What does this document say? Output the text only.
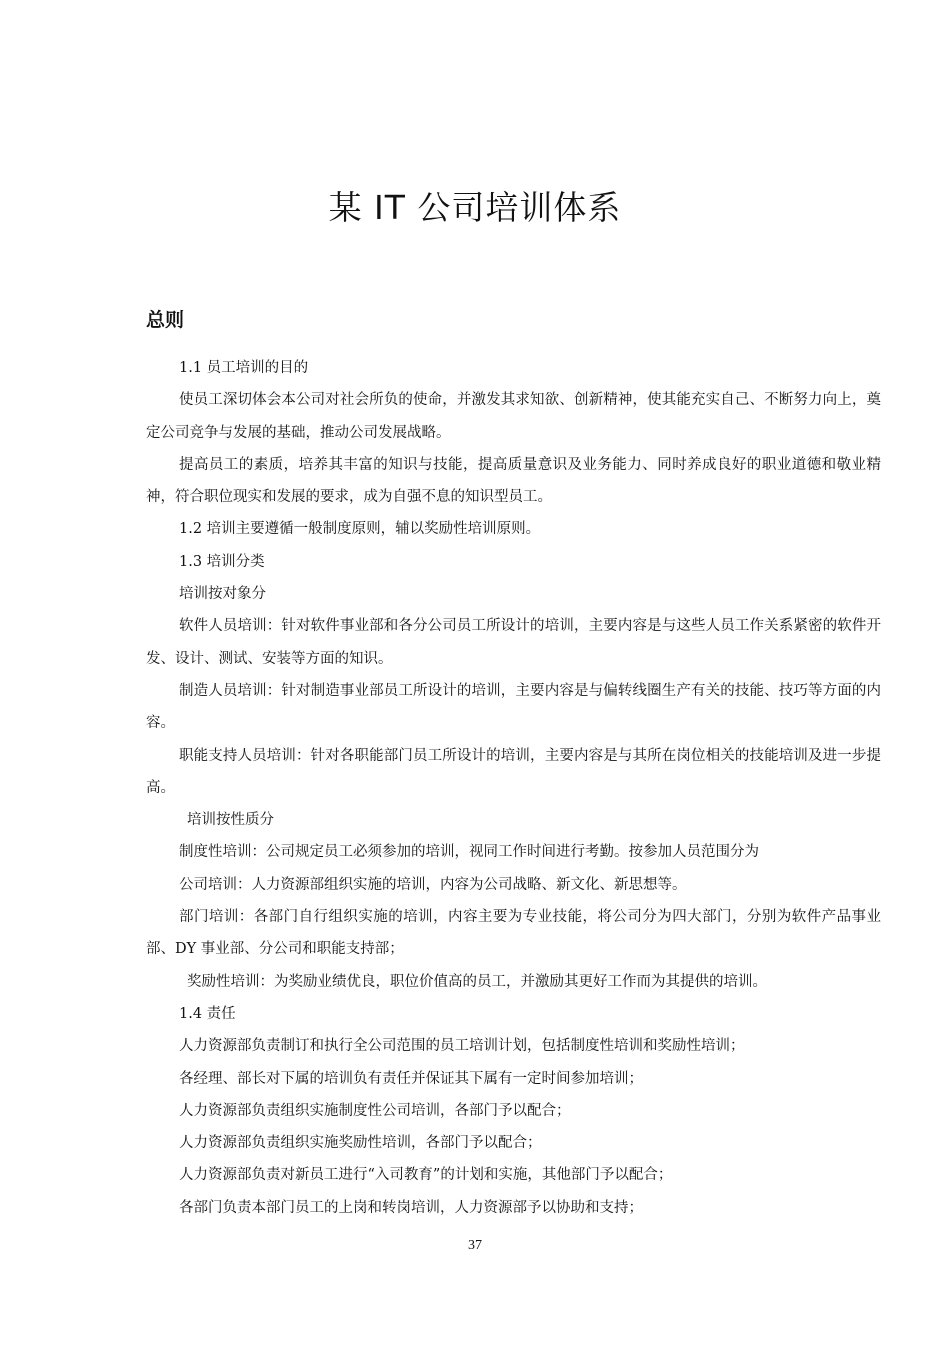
某 IT 公司培训体系
总则

1.1 员工培训的目的

使员工深切体会本公司对社会所负的使命，并激发其求知欲、创新精神，使其能充实自己、不断努力向上，奠定公司竞争与发展的基础，推动公司发展战略。

提高员工的素质，培养其丰富的知识与技能，提高质量意识及业务能力、同时养成良好的职业道德和敬业精神，符合职位现实和发展的要求，成为自强不息的知识型员工。

1.2 培训主要遵循一般制度原则，辅以奖励性培训原则。

1.3 培训分类

培训按对象分

软件人员培训：针对软件事业部和各分公司员工所设计的培训，主要内容是与这些人员工作关系紧密的软件开发、设计、测试、安装等方面的知识。

制造人员培训：针对制造事业部员工所设计的培训，主要内容是与偏转线圈生产有关的技能、技巧等方面的内容。

职能支持人员培训：针对各职能部门员工所设计的培训，主要内容是与其所在岗位相关的技能培训及进一步提高。

培训按性质分

制度性培训：公司规定员工必须参加的培训，视同工作时间进行考勤。按参加人员范围分为

公司培训：人力资源部组织实施的培训，内容为公司战略、新文化、新思想等。

部门培训：各部门自行组织实施的培训，内容主要为专业技能，将公司分为四大部门，分别为软件产品事业部、DY 事业部、分公司和职能支持部；

奖励性培训：为奖励业绩优良，职位价值高的员工，并激励其更好工作而为其提供的培训。

1.4 责任

人力资源部负责制订和执行全公司范围的员工培训计划，包括制度性培训和奖励性培训；

各经理、部长对下属的培训负有责任并保证其下属有一定时间参加培训；

人力资源部负责组织实施制度性公司培训，各部门予以配合；

人力资源部负责组织实施奖励性培训，各部门予以配合；

人力资源部负责对新员工进行“入司教育”的计划和实施，其他部门予以配合；

各部门负责本部门员工的上岗和转岗培训，人力资源部予以协助和支持；

37
